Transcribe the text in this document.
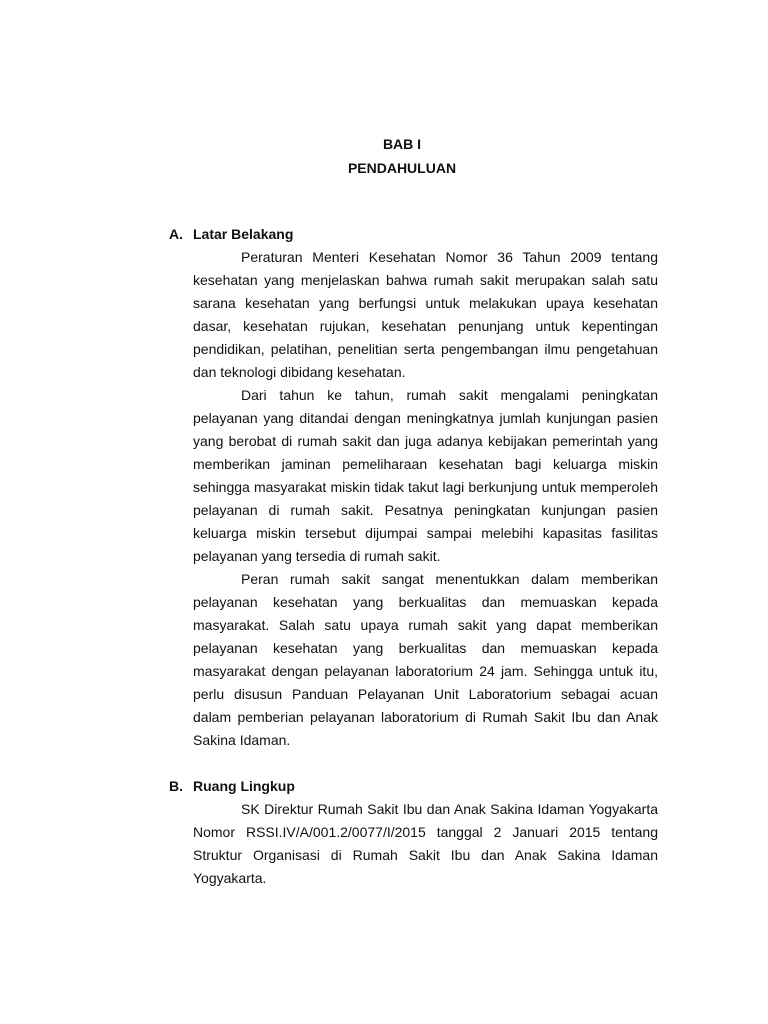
BAB I
PENDAHULUAN
A. Latar Belakang

Peraturan Menteri Kesehatan Nomor 36 Tahun 2009 tentang kesehatan yang menjelaskan bahwa rumah sakit merupakan salah satu sarana kesehatan yang berfungsi untuk melakukan upaya kesehatan dasar, kesehatan rujukan, kesehatan penunjang untuk kepentingan pendidikan, pelatihan, penelitian serta pengembangan ilmu pengetahuan dan teknologi dibidang kesehatan.

Dari tahun ke tahun, rumah sakit mengalami peningkatan pelayanan yang ditandai dengan meningkatnya jumlah kunjungan pasien yang berobat di rumah sakit dan juga adanya kebijakan pemerintah yang memberikan jaminan pemeliharaan kesehatan bagi keluarga miskin sehingga masyarakat miskin tidak takut lagi berkunjung untuk memperoleh pelayanan di rumah sakit. Pesatnya peningkatan kunjungan pasien keluarga miskin tersebut dijumpai sampai melebihi kapasitas fasilitas pelayanan yang tersedia di rumah sakit.

Peran rumah sakit sangat menentukkan dalam memberikan pelayanan kesehatan yang berkualitas dan memuaskan kepada masyarakat. Salah satu upaya rumah sakit yang dapat memberikan pelayanan kesehatan yang berkualitas dan memuaskan kepada masyarakat dengan pelayanan laboratorium 24 jam. Sehingga untuk itu, perlu disusun Panduan Pelayanan Unit Laboratorium sebagai acuan dalam pemberian pelayanan laboratorium di Rumah Sakit Ibu dan Anak Sakina Idaman.

B. Ruang Lingkup

SK Direktur Rumah Sakit Ibu dan Anak Sakina Idaman Yogyakarta Nomor RSSI.IV/A/001.2/0077/I/2015 tanggal 2 Januari 2015 tentang Struktur Organisasi di Rumah Sakit Ibu dan Anak Sakina Idaman Yogyakarta.
